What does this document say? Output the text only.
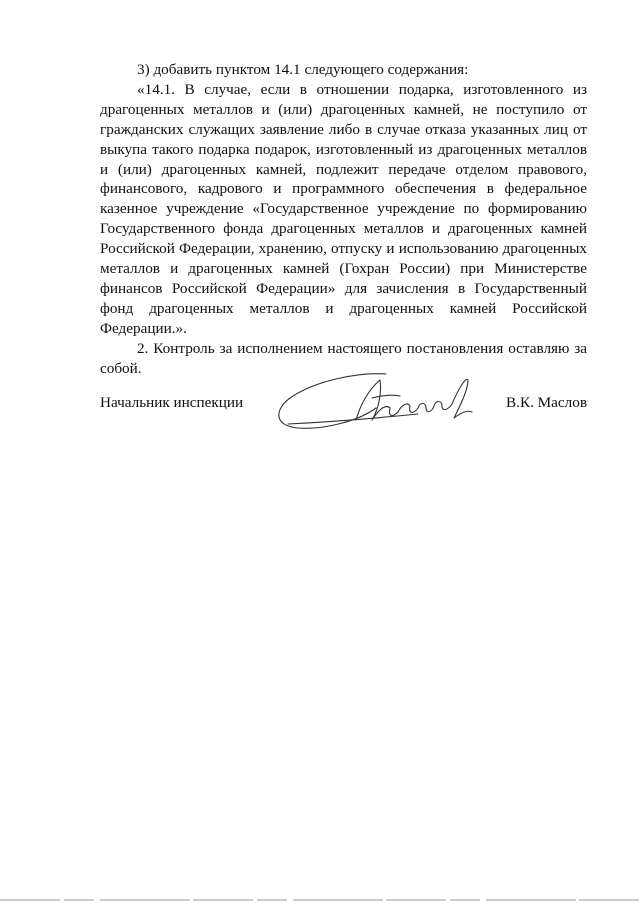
3) добавить пунктом 14.1 следующего содержания:

«14.1. В случае, если в отношении подарка, изготовленного из драгоценных металлов и (или) драгоценных камней, не поступило от гражданских служащих заявление либо в случае отказа указанных лиц от выкупа такого подарка подарок, изготовленный из драгоценных металлов и (или) драгоценных камней, подлежит передаче отделом правового, финансового, кадрового и программного обеспечения в федеральное казенное учреждение «Государственное учреждение по формированию Государственного фонда драгоценных металлов и драгоценных камней Российской Федерации, хранению, отпуску и использованию драгоценных металлов и драгоценных камней (Гохран России) при Министерстве финансов Российской Федерации» для зачисления в Государственный фонд драгоценных металлов и драгоценных камней Российской Федерации.».

2. Контроль за исполнением настоящего постановления оставляю за собой.

Начальник инспекции	В.К. Маслов
